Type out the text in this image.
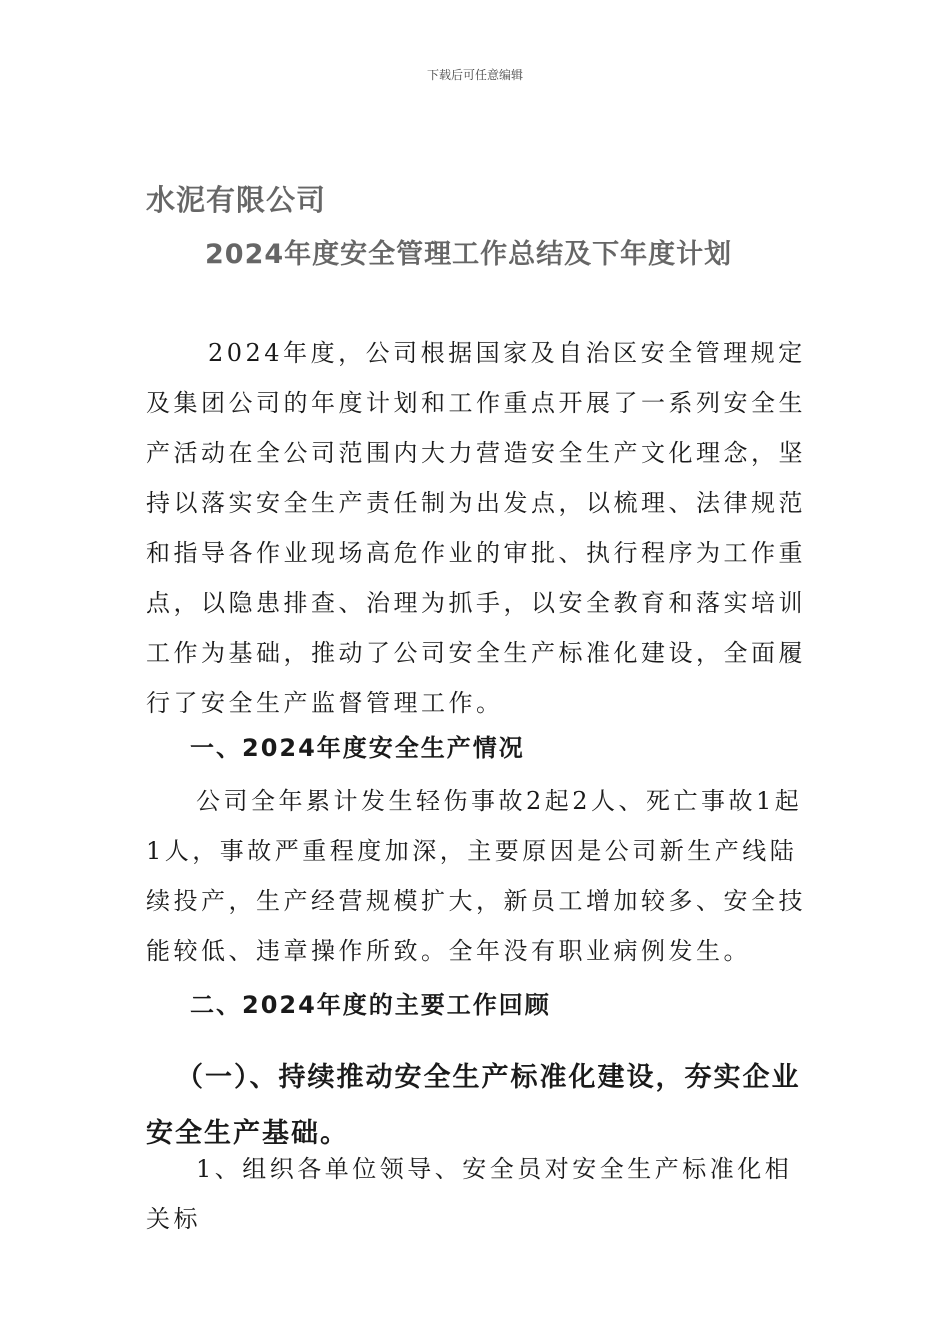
下载后可任意编辑
水泥有限公司
2024年度安全管理工作总结及下年度计划

2024年度，公司根据国家及自治区安全管理规定及集团公司的年度计划和工作重点开展了一系列安全生产活动在全公司范围内大力营造安全生产文化理念，坚持以落实安全生产责任制为出发点，以梳理、法律规范和指导各作业现场高危作业的审批、执行程序为工作重点，以隐患排查、治理为抓手，以安全教育和落实培训工作为基础，推动了公司安全生产标准化建设，全面履行了安全生产监督管理工作。

一、2024年度安全生产情况

公司全年累计发生轻伤事故2起2人、死亡事故1起1人，事故严重程度加深，主要原因是公司新生产线陆续投产，生产经营规模扩大，新员工增加较多、安全技能较低、违章操作所致。全年没有职业病例发生。

二、2024年度的主要工作回顾
（一）、持续推动安全生产标准化建设，夯实企业安全生产基础。

1、组织各单位领导、安全员对安全生产标准化相关标
